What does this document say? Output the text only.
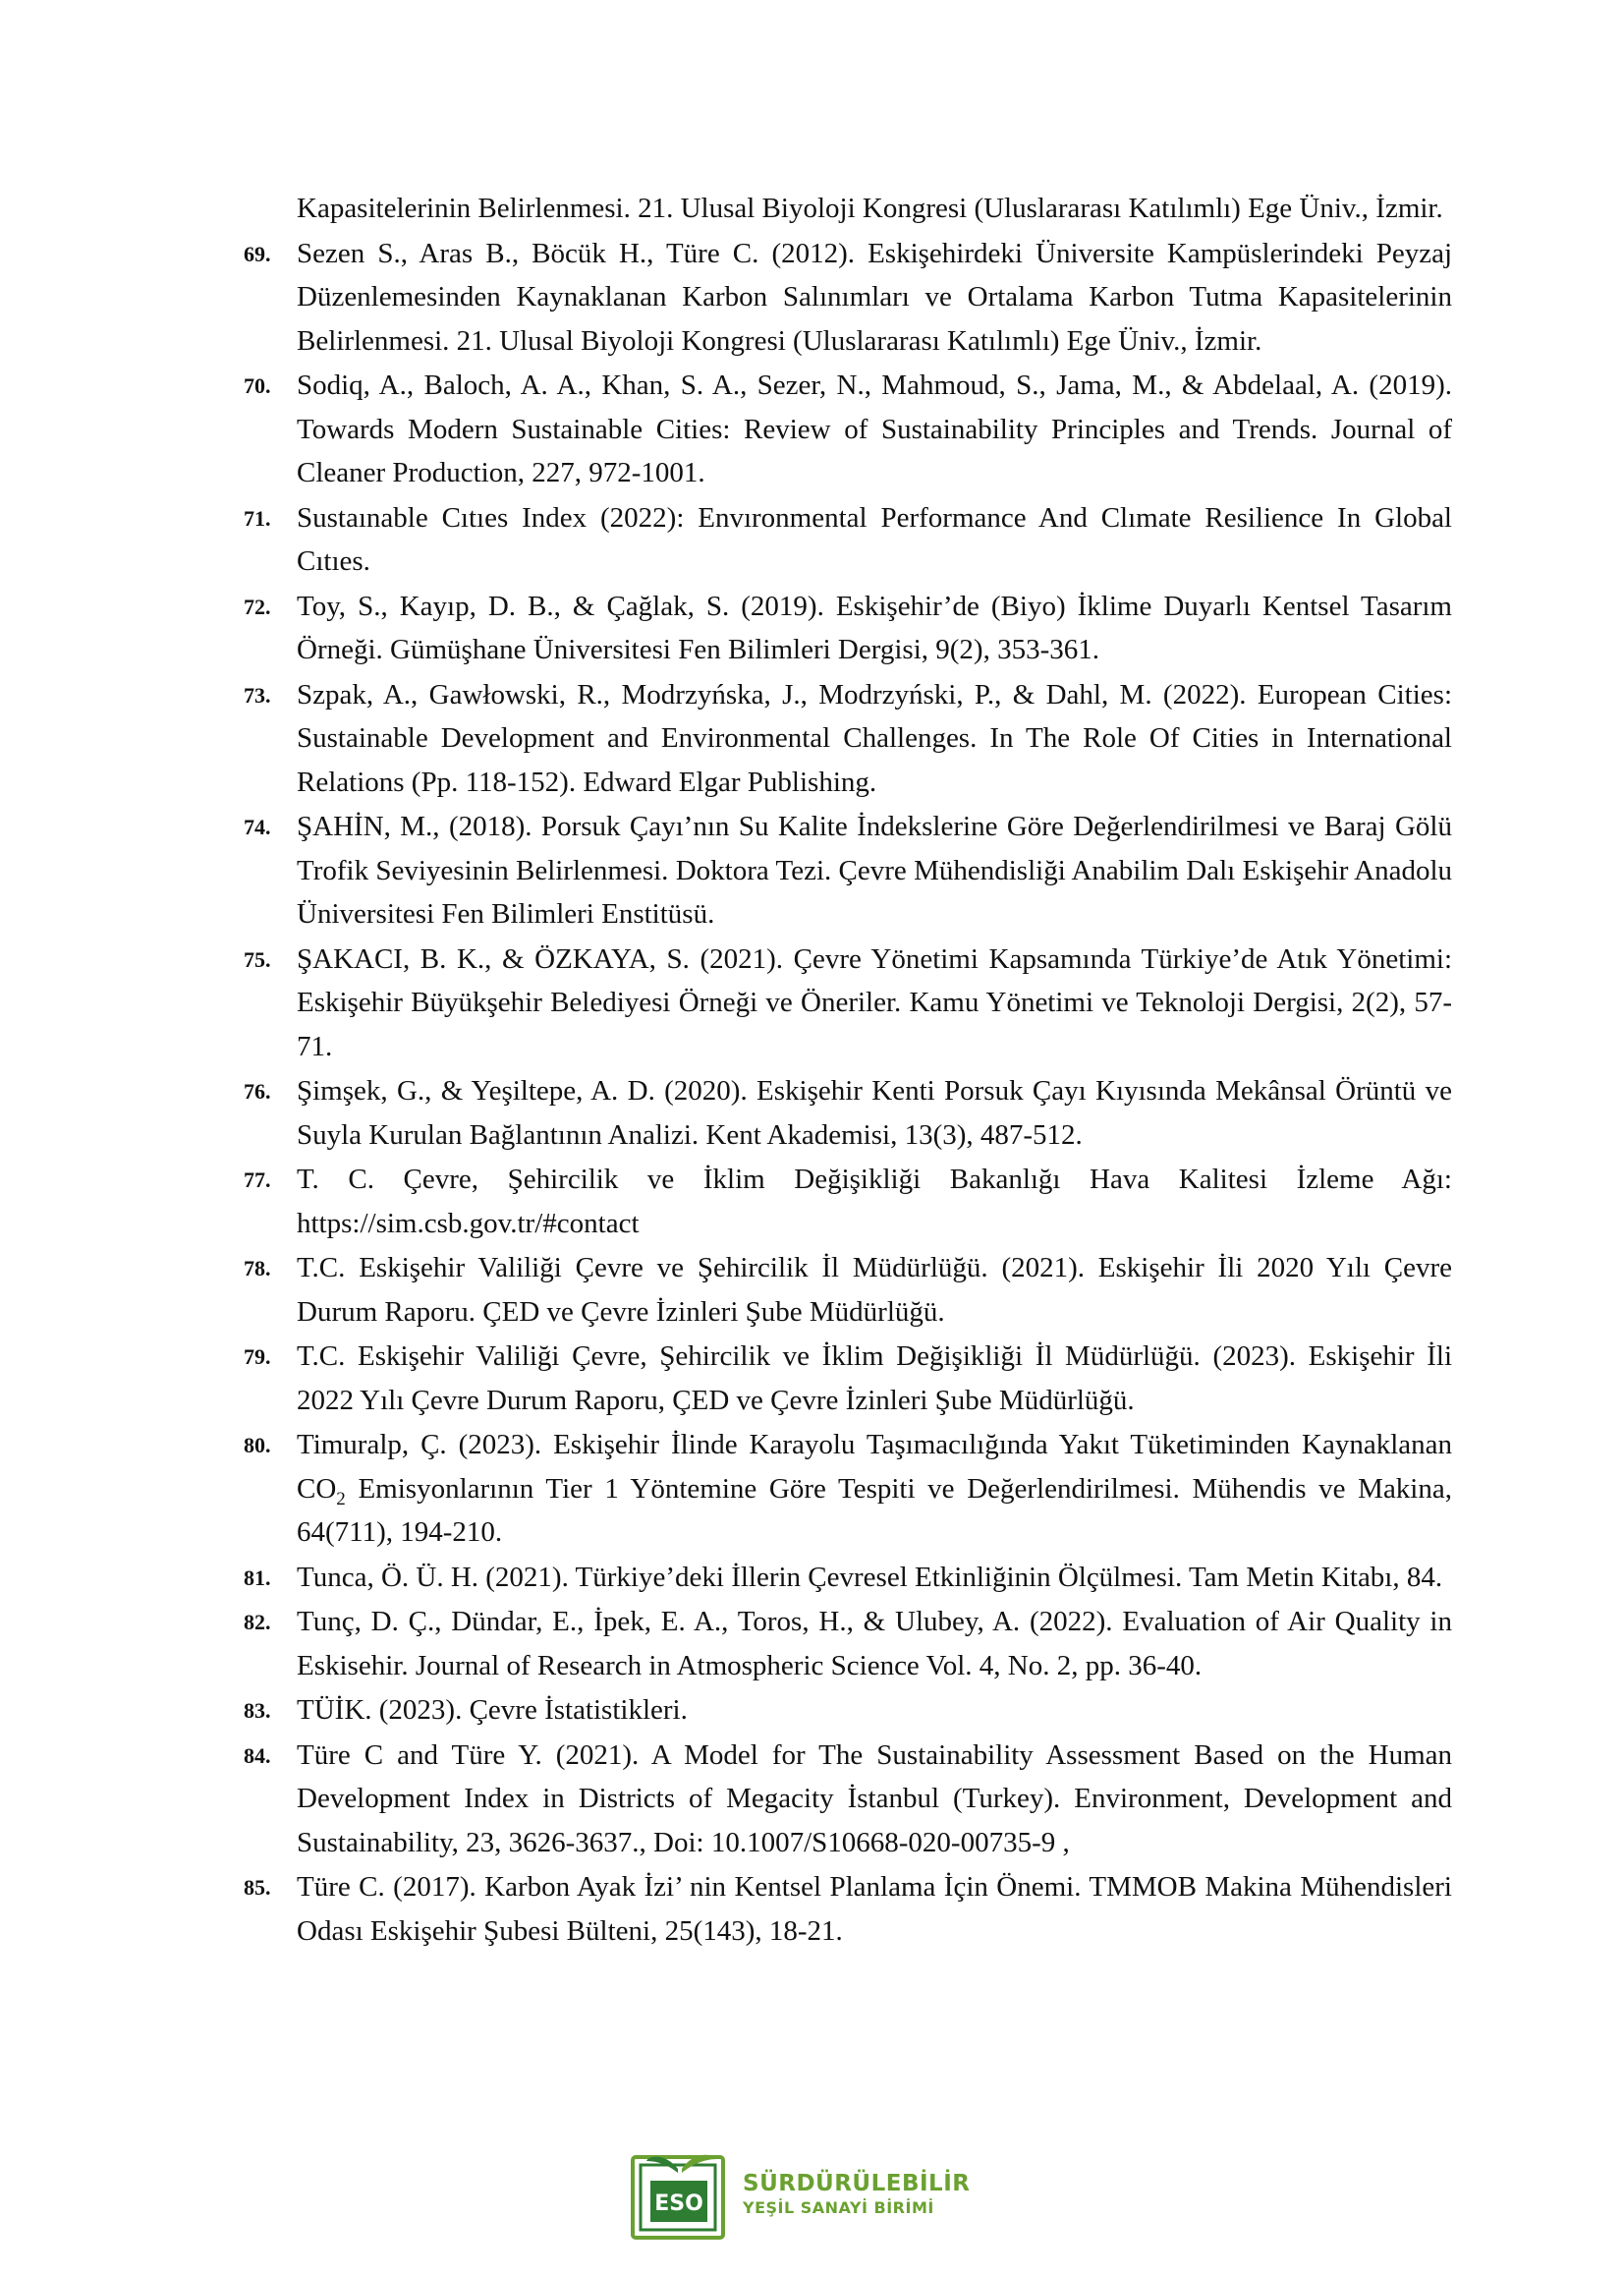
Kapasitelerinin Belirlenmesi. 21. Ulusal Biyoloji Kongresi (Uluslararası Katılımlı) Ege Üniv., İzmir.
69. Sezen S., Aras B., Böcük H., Türe C. (2012). Eskişehirdeki Üniversite Kampüslerindeki Peyzaj Düzenlemesinden Kaynaklanan Karbon Salınımları ve Ortalama Karbon Tutma Kapasitelerinin Belirlenmesi. 21. Ulusal Biyoloji Kongresi (Uluslararası Katılımlı) Ege Üniv., İzmir.
70. Sodiq, A., Baloch, A. A., Khan, S. A., Sezer, N., Mahmoud, S., Jama, M., & Abdelaal, A. (2019). Towards Modern Sustainable Cities: Review of Sustainability Principles and Trends. Journal of Cleaner Production, 227, 972-1001.
71. Sustaınable Cıtıes Index (2022): Envıronmental Performance And Clımate Resilience In Global Cıtıes.
72. Toy, S., Kayıp, D. B., & Çağlak, S. (2019). Eskişehir’de (Biyo) İklime Duyarlı Kentsel Tasarım Örneği. Gümüşhane Üniversitesi Fen Bilimleri Dergisi, 9(2), 353-361.
73. Szpak, A., Gawłowski, R., Modrzyńska, J., Modrzyński, P., & Dahl, M. (2022). European Cities: Sustainable Development and Environmental Challenges. In The Role Of Cities in International Relations (Pp. 118-152). Edward Elgar Publishing.
74. ŞAHİN, M., (2018). Porsuk Çayı’nın Su Kalite İndekslerine Göre Değerlendirilmesi ve Baraj Gölü Trofik Seviyesinin Belirlenmesi. Doktora Tezi. Çevre Mühendisliği Anabilim Dalı Eskişehir Anadolu Üniversitesi Fen Bilimleri Enstitüsü.
75. ŞAKACI, B. K., & ÖZKAYA, S. (2021). Çevre Yönetimi Kapsamında Türkiye’de Atık Yönetimi: Eskişehir Büyükşehir Belediyesi Örneği ve Öneriler. Kamu Yönetimi ve Teknoloji Dergisi, 2(2), 57-71.
76. Şimşek, G., & Yeşiltepe, A. D. (2020). Eskişehir Kenti Porsuk Çayı Kıyısında Mekânsal Örüntü ve Suyla Kurulan Bağlantının Analizi. Kent Akademisi, 13(3), 487-512.
77. T. C. Çevre, Şehircilik ve İklim Değişikliği Bakanlığı Hava Kalitesi İzleme Ağı: https://sim.csb.gov.tr/#contact
78. T.C. Eskişehir Valiliği Çevre ve Şehircilik İl Müdürlüğü. (2021). Eskişehir İli 2020 Yılı Çevre Durum Raporu. ÇED ve Çevre İzinleri Şube Müdürlüğü.
79. T.C. Eskişehir Valiliği Çevre, Şehircilik ve İklim Değişikliği İl Müdürlüğü. (2023). Eskişehir İli 2022 Yılı Çevre Durum Raporu, ÇED ve Çevre İzinleri Şube Müdürlüğü.
80. Timuralp, Ç. (2023). Eskişehir İlinde Karayolu Taşımacılığında Yakıt Tüketiminden Kaynaklanan $CO_2$ Emisyonlarının Tier 1 Yöntemine Göre Tespiti ve Değerlendirilmesi. Mühendis ve Makina, 64(711), 194-210.
81. Tunca, Ö. Ü. H. (2021). Türkiye’deki İllerin Çevresel Etkinliğinin Ölçülmesi. Tam Metin Kitabı, 84.
82. Tunç, D. Ç., Dündar, E., İpek, E. A., Toros, H., & Ulubey, A. (2022). Evaluation of Air Quality in Eskisehir. Journal of Research in Atmospheric Science Vol. 4, No. 2, pp. 36-40.
83. TÜİK. (2023). Çevre İstatistikleri.
84. Türe C and Türe Y. (2021). A Model for The Sustainability Assessment Based on the Human Development Index in Districts of Megacity İstanbul (Turkey). Environment, Development and Sustainability, 23, 3626-3637., Doi: 10.1007/S10668-020-00735-9 ,
85. Türe C. (2017). Karbon Ayak İzi’ nin Kentsel Planlama İçin Önemi. TMMOB Makina Mühendisleri Odası Eskişehir Şubesi Bülteni, 25(143), 18-21.
ESO
SÜRDÜRÜLEBİLİR
YEŞİL SANAYİ BİRİMİ
